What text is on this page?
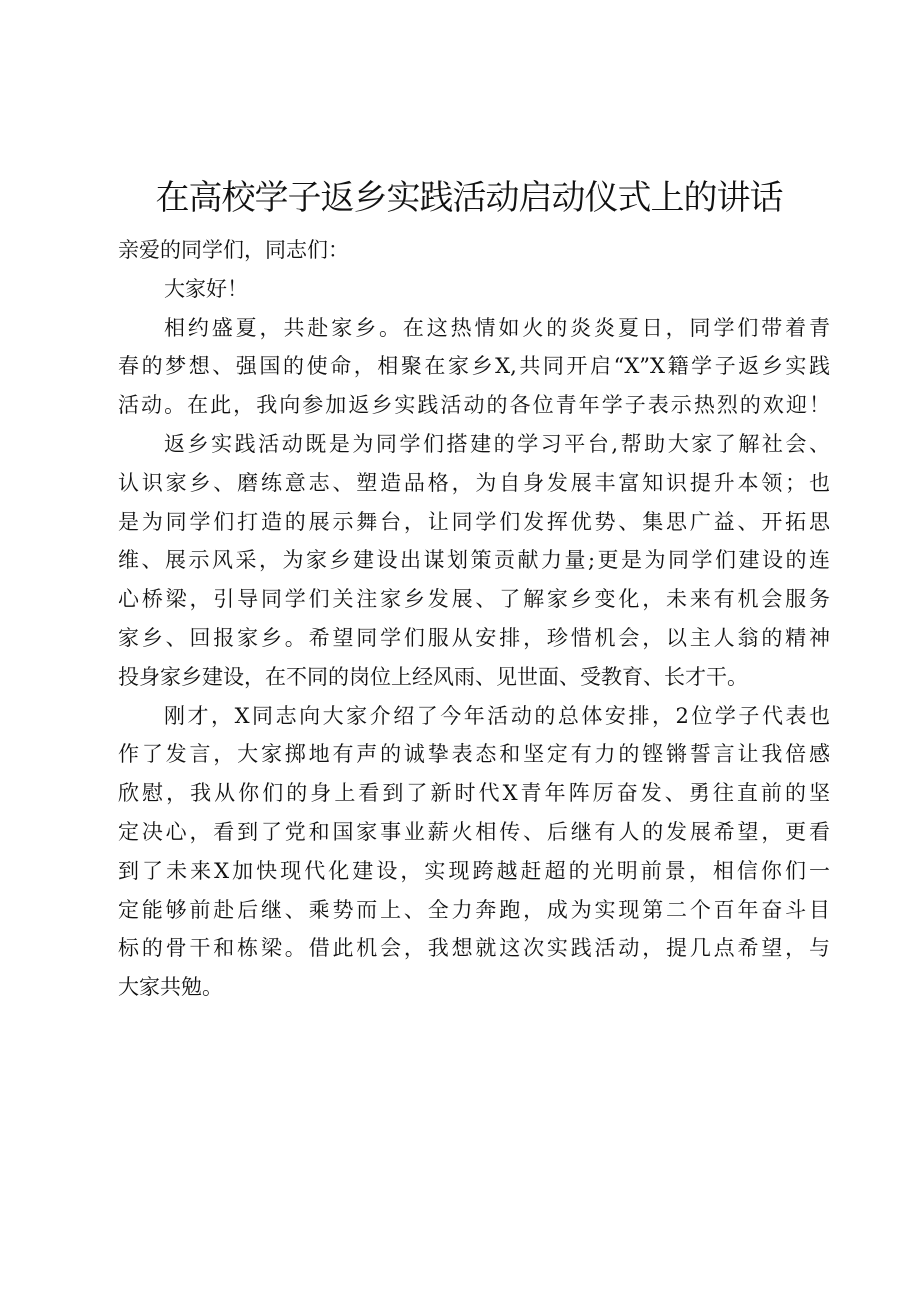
在高校学子返乡实践活动启动仪式上的讲话
亲爱的同学们，同志们：
大家好！
相约盛夏，共赴家乡。在这热情如火的炎炎夏日，同学们带着青
春的梦想、强国的使命，相聚在家乡X,共同开启“X”X籍学子返乡实践
活动。在此，我向参加返乡实践活动的各位青年学子表示热烈的欢迎！
返乡实践活动既是为同学们搭建的学习平台,帮助大家了解社会、
认识家乡、磨练意志、塑造品格，为自身发展丰富知识提升本领；也
是为同学们打造的展示舞台，让同学们发挥优势、集思广益、开拓思
维、展示风采，为家乡建设出谋划策贡献力量;更是为同学们建设的连
心桥梁，引导同学们关注家乡发展、了解家乡变化，未来有机会服务
家乡、回报家乡。希望同学们服从安排，珍惜机会，以主人翁的精神
投身家乡建设，在不同的岗位上经风雨、见世面、受教育、长才干。
刚才，X同志向大家介绍了今年活动的总体安排，2位学子代表也
作了发言，大家掷地有声的诚挚表态和坚定有力的铿锵誓言让我倍感
欣慰，我从你们的身上看到了新时代X青年阵厉奋发、勇往直前的坚
定决心，看到了党和国家事业薪火相传、后继有人的发展希望，更看
到了未来X加快现代化建设，实现跨越赶超的光明前景，相信你们一
定能够前赴后继、乘势而上、全力奔跑，成为实现第二个百年奋斗目
标的骨干和栋梁。借此机会，我想就这次实践活动，提几点希望，与
大家共勉。
